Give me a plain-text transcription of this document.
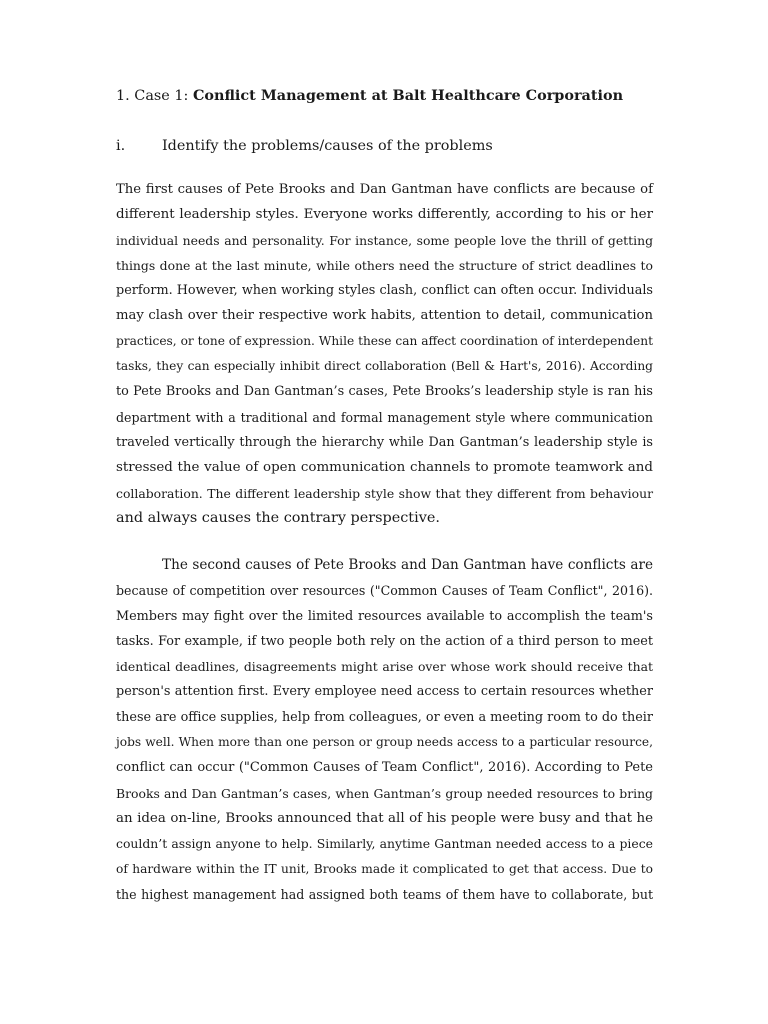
1. Case 1: Conflict Management at Balt Healthcare Corporation
i.	Identify the problems/causes of the problems
The first causes of Pete Brooks and Dan Gantman have conflicts are because of
different leadership styles. Everyone works differently, according to his or her
individual needs and personality. For instance, some people love the thrill of getting
things done at the last minute, while others need the structure of strict deadlines to
perform. However, when working styles clash, conflict can often occur. Individuals
may clash over their respective work habits, attention to detail, communication
practices, or tone of expression. While these can affect coordination of interdependent
tasks, they can especially inhibit direct collaboration (Bell & Hart's, 2016). According
to Pete Brooks and Dan Gantman’s cases, Pete Brooks’s leadership style is ran his
department with a traditional and formal management style where communication
traveled vertically through the hierarchy while Dan Gantman’s leadership style is
stressed the value of open communication channels to promote teamwork and
collaboration. The different leadership style show that they different from behaviour
and always causes the contrary perspective.
The second causes of Pete Brooks and Dan Gantman have conflicts are
because of competition over resources ("Common Causes of Team Conflict", 2016).
Members may fight over the limited resources available to accomplish the team's
tasks. For example, if two people both rely on the action of a third person to meet
identical deadlines, disagreements might arise over whose work should receive that
person's attention first. Every employee need access to certain resources whether
these are office supplies, help from colleagues, or even a meeting room to do their
jobs well. When more than one person or group needs access to a particular resource,
conflict can occur ("Common Causes of Team Conflict", 2016). According to Pete
Brooks and Dan Gantman’s cases, when Gantman’s group needed resources to bring
an idea on-line, Brooks announced that all of his people were busy and that he
couldn’t assign anyone to help. Similarly, anytime Gantman needed access to a piece
of hardware within the IT unit, Brooks made it complicated to get that access. Due to
the highest management had assigned both teams of them have to collaborate, but
